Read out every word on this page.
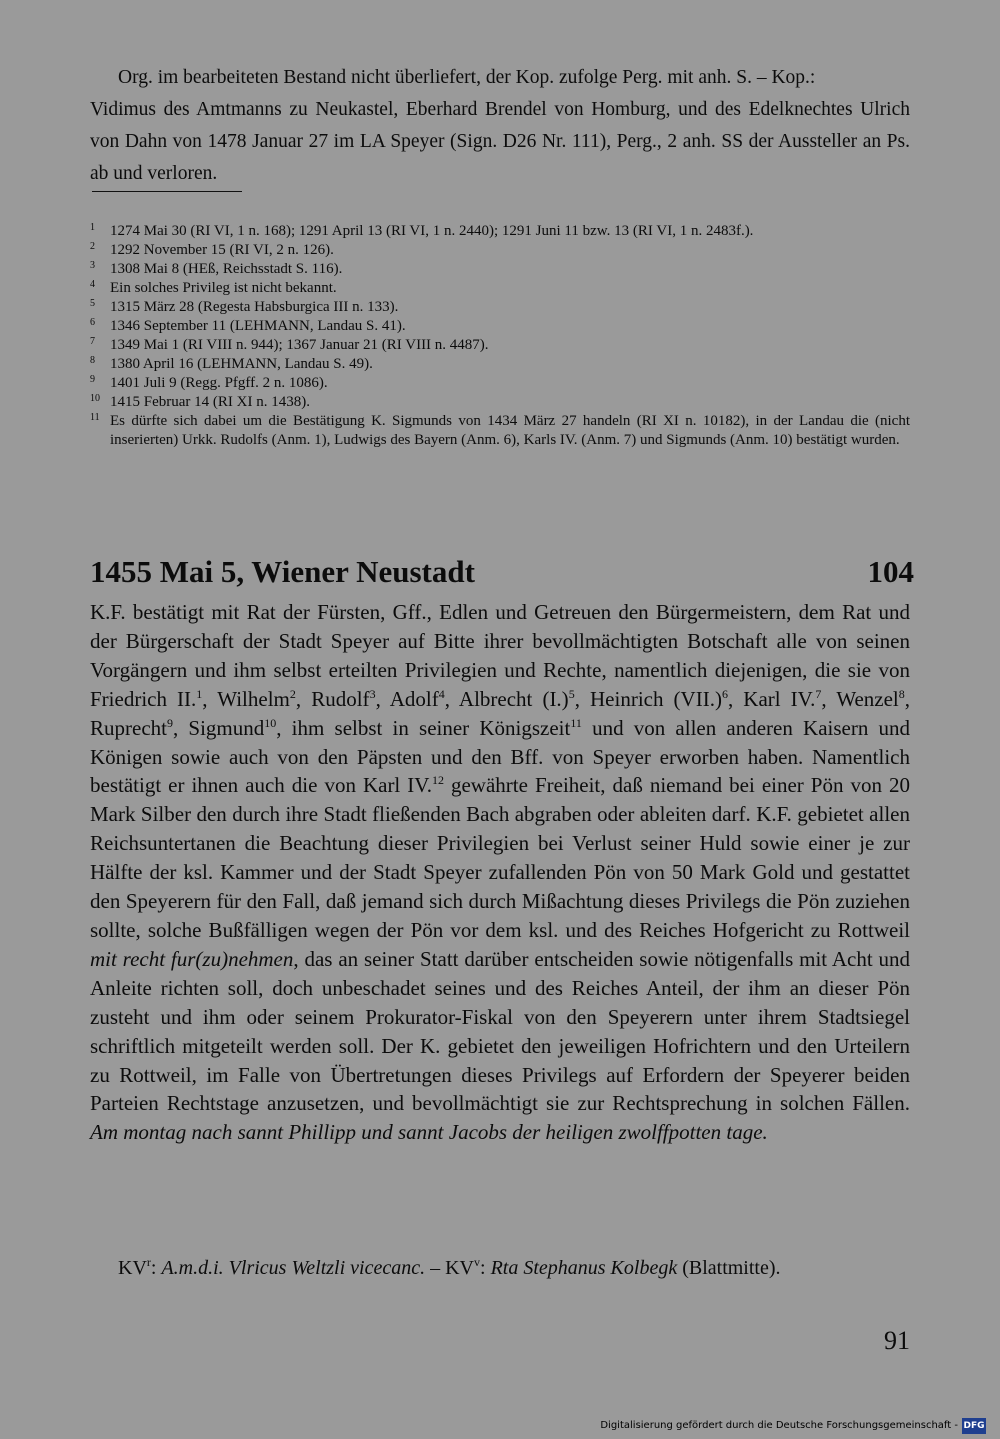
Org. im bearbeiteten Bestand nicht überliefert, der Kop. zufolge Perg. mit anh. S. – Kop.:
Vidimus des Amtmanns zu Neukastel, Eberhard Brendel von Homburg, und des Edelknechtes Ulrich von Dahn von 1478 Januar 27 im LA Speyer (Sign. D26 Nr. 111), Perg., 2 anh. SS der Aussteller an Ps. ab und verloren.

1 1274 Mai 30 (RI VI, 1 n. 168); 1291 April 13 (RI VI, 1 n. 2440); 1291 Juni 11 bzw. 13 (RI VI, 1 n. 2483f.).
2 1292 November 15 (RI VI, 2 n. 126).
3 1308 Mai 8 (HEß, Reichsstadt S. 116).
4 Ein solches Privileg ist nicht bekannt.
5 1315 März 28 (Regesta Habsburgica III n. 133).
6 1346 September 11 (LEHMANN, Landau S. 41).
7 1349 Mai 1 (RI VIII n. 944); 1367 Januar 21 (RI VIII n. 4487).
8 1380 April 16 (LEHMANN, Landau S. 49).
9 1401 Juli 9 (Regg. Pfgff. 2 n. 1086).
10 1415 Februar 14 (RI XI n. 1438).
11 Es dürfte sich dabei um die Bestätigung K. Sigmunds von 1434 März 27 handeln (RI XI n. 10182), in der Landau die (nicht inserierten) Urkk. Rudolfs (Anm. 1), Ludwigs des Bayern (Anm. 6), Karls IV. (Anm. 7) und Sigmunds (Anm. 10) bestätigt wurden.
1455 Mai 5, Wiener Neustadt	104

K.F. bestätigt mit Rat der Fürsten, Gff., Edlen und Getreuen den Bürgermeistern, dem Rat und der Bürgerschaft der Stadt Speyer auf Bitte ihrer bevollmächtigten Botschaft alle von seinen Vorgängern und ihm selbst erteilten Privilegien und Rechte, namentlich diejenigen, die sie von Friedrich II.$^1$, Wilhelm$^2$, Rudolf$^3$, Adolf$^4$, Albrecht $(I.)^5$, Heinrich $(VII.)^6$, Karl IV.$^7$, Wenzel$^8$, Ruprecht$^9$, Sigmund$^{10}$, ihm selbst in seiner Königszeit$^{11}$ und von allen anderen Kaisern und Königen sowie auch von den Päpsten und den Bff. von Speyer erworben haben. Namentlich bestätigt er ihnen auch die von Karl IV.$^{12}$ gewährte Freiheit, daß niemand bei einer Pön von 20 Mark Silber den durch ihre Stadt fließenden Bach abgraben oder ableiten darf. K.F. gebietet allen Reichsuntertanen die Beachtung dieser Privilegien bei Verlust seiner Huld sowie einer je zur Hälfte der ksl. Kammer und der Stadt Speyer zufallenden Pön von 50 Mark Gold und gestattet den Speyerern für den Fall, daß jemand sich durch Mißachtung dieses Privilegs die Pön zuziehen sollte, solche Bußfälligen wegen der Pön vor dem ksl. und des Reiches Hofgericht zu Rottweil mit recht fur(zu)nehmen, das an seiner Statt darüber entscheiden sowie nötigenfalls mit Acht und Anleite richten soll, doch unbeschadet seines und des Reiches Anteil, der ihm an dieser Pön zusteht und ihm oder seinem Prokurator-Fiskal von den Speyerern unter ihrem Stadtsiegel schriftlich mitgeteilt werden soll. Der K. gebietet den jeweiligen Hofrichtern und den Urteilern zu Rottweil, im Falle von Übertretungen dieses Privilegs auf Erfordern der Speyerer beiden Parteien Rechtstage anzusetzen, und bevollmächtigt sie zur Rechtsprechung in solchen Fällen. Am montag nach sannt Phillipp und sannt Jacobs der heiligen zwolffpotten tage.

$KV^r$: A.m.d.i. Vlricus Weltzli vicecanc. – $KV^v$: Rta Stephanus Kolbegk (Blattmitte).

91
Digitalisierung gefördert durch die Deutsche Forschungsgemeinschaft - DFG
